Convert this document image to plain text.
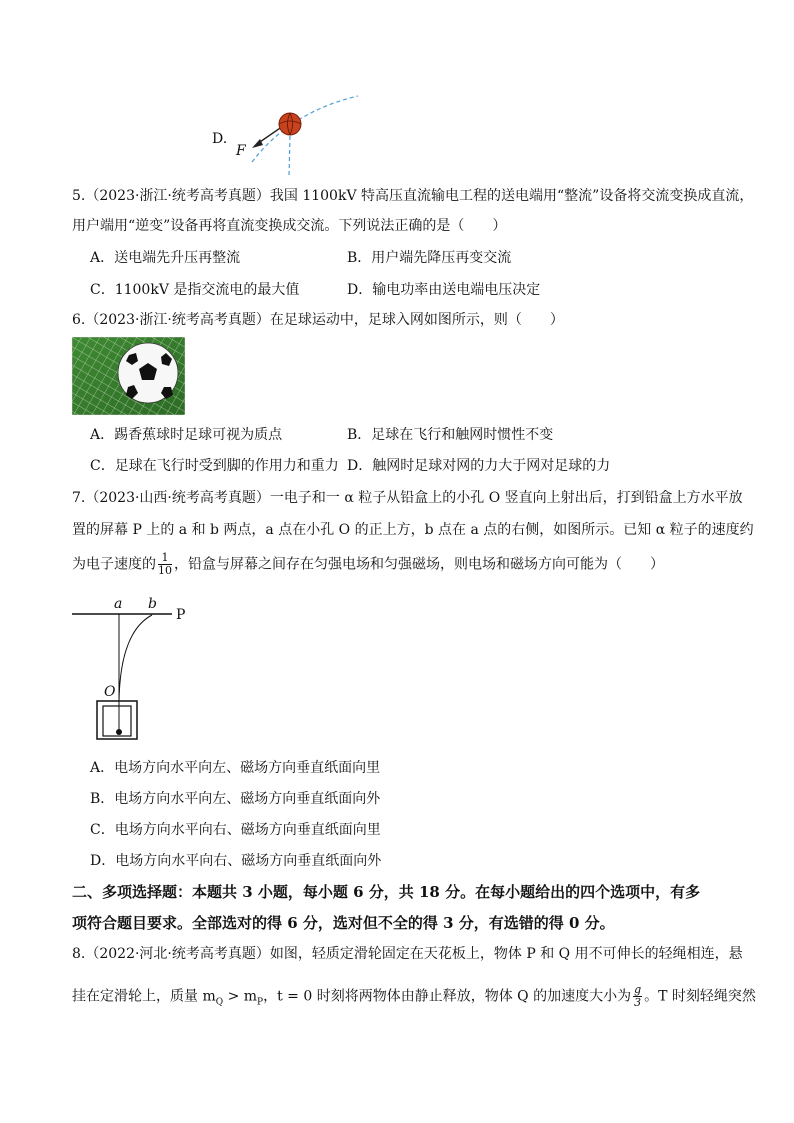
D.
F
5.（2023·浙江·统考高考真题）我国 1100kV 特高压直流输电工程的送电端用“整流”设备将交流变换成直流，
用户端用“逆变”设备再将直流变换成交流。下列说法正确的是（　　）
A．送电端先升压再整流	B．用户端先降压再变交流
C．1100kV 是指交流电的最大值	D．输电功率由送电端电压决定
6.（2023·浙江·统考高考真题）在足球运动中，足球入网如图所示，则（　　）
A．踢香蕉球时足球可视为质点	B．足球在飞行和触网时惯性不变
C．足球在飞行时受到脚的作用力和重力 D．触网时足球对网的力大于网对足球的力
7.（2023·山西·统考高考真题）一电子和一 α 粒子从铅盒上的小孔 O 竖直向上射出后，打到铅盒上方水平放
置的屏幕 P 上的 a 和 b 两点，a 点在小孔 O 的正上方，b 点在 a 点的右侧，如图所示。已知 α 粒子的速度约
为电子速度的 $\frac{1}{10}$ ，铅盒与屏幕之间存在匀强电场和匀强磁场，则电场和磁场方向可能为（　　）
a b
P
O
A．电场方向水平向左、磁场方向垂直纸面向里
B．电场方向水平向左、磁场方向垂直纸面向外
C．电场方向水平向右、磁场方向垂直纸面向里
D．电场方向水平向右、磁场方向垂直纸面向外
二、多项选择题：本题共 3 小题，每小题 6 分，共 18 分。在每小题给出的四个选项中，有多
项符合题目要求。全部选对的得 6 分，选对但不全的得 3 分，有选错的得 0 分。
8.（2022·河北·统考高考真题）如图，轻质定滑轮固定在天花板上，物体 P 和 Q 用不可伸长的轻绳相连，悬
挂在定滑轮上，质量 $m_Q > m_P$，t = 0 时刻将两物体由静止释放，物体 Q 的加速度大小为 $\frac{g}{3}$ 。T 时刻轻绳突然
